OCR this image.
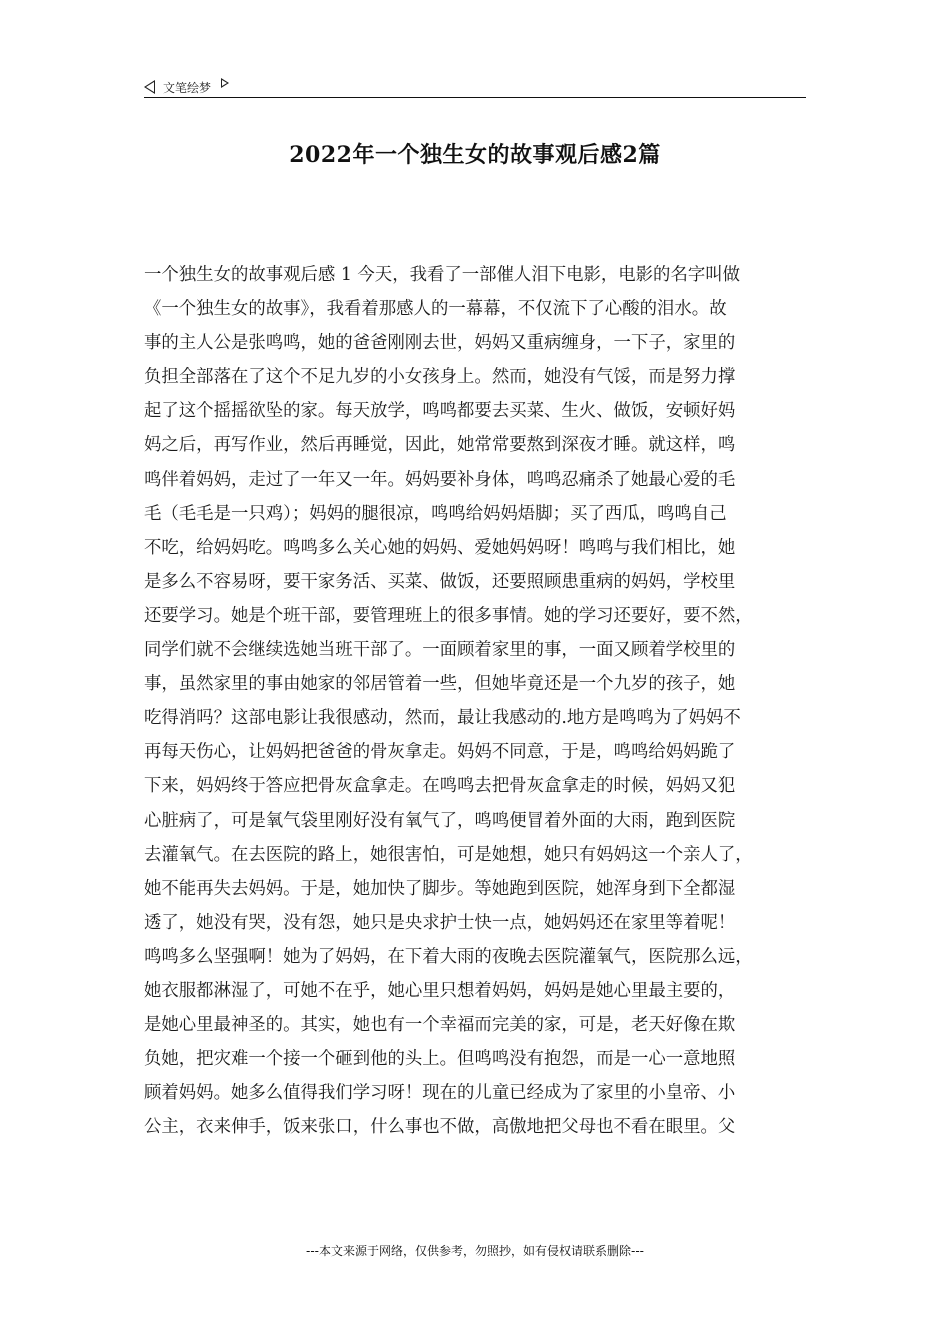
文笔绘梦
2022年一个独生女的故事观后感2篇
一个独生女的故事观后感 1 今天，我看了一部催人泪下电影，电影的名字叫做
《一个独生女的故事》，我看着那感人的一幕幕，不仅流下了心酸的泪水。故
事的主人公是张鸣鸣，她的爸爸刚刚去世，妈妈又重病缠身，一下子，家里的
负担全部落在了这个不足九岁的小女孩身上。然而，她没有气馁，而是努力撑
起了这个摇摇欲坠的家。每天放学，鸣鸣都要去买菜、生火、做饭，安顿好妈
妈之后，再写作业，然后再睡觉，因此，她常常要熬到深夜才睡。就这样，鸣
鸣伴着妈妈，走过了一年又一年。妈妈要补身体，鸣鸣忍痛杀了她最心爱的毛
毛（毛毛是一只鸡）；妈妈的腿很凉，鸣鸣给妈妈焐脚；买了西瓜，鸣鸣自己
不吃，给妈妈吃。鸣鸣多么关心她的妈妈、爱她妈妈呀！鸣鸣与我们相比，她
是多么不容易呀，要干家务活、买菜、做饭，还要照顾患重病的妈妈，学校里
还要学习。她是个班干部，要管理班上的很多事情。她的学习还要好，要不然，
同学们就不会继续选她当班干部了。一面顾着家里的事，一面又顾着学校里的
事，虽然家里的事由她家的邻居管着一些，但她毕竟还是一个九岁的孩子，她
吃得消吗？这部电影让我很感动，然而，最让我感动的.地方是鸣鸣为了妈妈不
再每天伤心，让妈妈把爸爸的骨灰拿走。妈妈不同意，于是，鸣鸣给妈妈跪了
下来，妈妈终于答应把骨灰盒拿走。在鸣鸣去把骨灰盒拿走的时候，妈妈又犯
心脏病了，可是氧气袋里刚好没有氧气了，鸣鸣便冒着外面的大雨，跑到医院
去灌氧气。在去医院的路上，她很害怕，可是她想，她只有妈妈这一个亲人了，
她不能再失去妈妈。于是，她加快了脚步。等她跑到医院，她浑身到下全都湿
透了，她没有哭，没有怨，她只是央求护士快一点，她妈妈还在家里等着呢！
鸣鸣多么坚强啊！她为了妈妈，在下着大雨的夜晚去医院灌氧气，医院那么远，
她衣服都淋湿了，可她不在乎，她心里只想着妈妈，妈妈是她心里最主要的，
是她心里最神圣的。其实，她也有一个幸福而完美的家，可是，老天好像在欺
负她，把灾难一个接一个砸到他的头上。但鸣鸣没有抱怨，而是一心一意地照
顾着妈妈。她多么值得我们学习呀！现在的儿童已经成为了家里的小皇帝、小
公主，衣来伸手，饭来张口，什么事也不做，高傲地把父母也不看在眼里。父
---本文来源于网络，仅供参考，勿照抄，如有侵权请联系删除---
